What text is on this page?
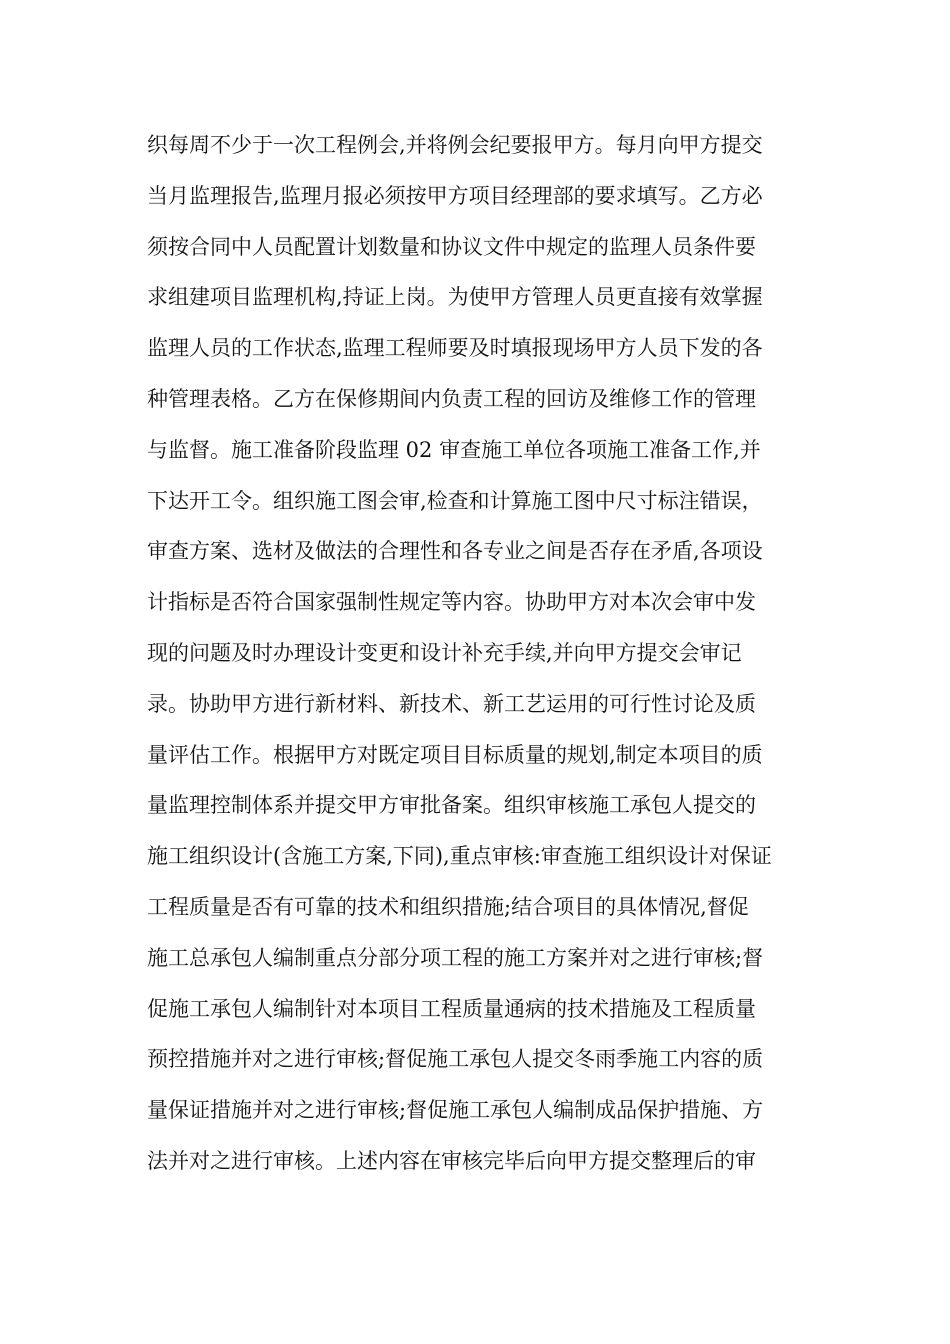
织每周不少于一次工程例会,并将例会纪要报甲方。每月向甲方提交
当月监理报告,监理月报必须按甲方项目经理部的要求填写。乙方必
须按合同中人员配置计划数量和协议文件中规定的监理人员条件要
求组建项目监理机构,持证上岗。为使甲方管理人员更直接有效掌握
监理人员的工作状态,监理工程师要及时填报现场甲方人员下发的各
种管理表格。乙方在保修期间内负责工程的回访及维修工作的管理
与监督。施工准备阶段监理 02 审查施工单位各项施工准备工作,并
下达开工令。组织施工图会审,检查和计算施工图中尺寸标注错误，
审查方案、选材及做法的合理性和各专业之间是否存在矛盾,各项设
计指标是否符合国家强制性规定等内容。协助甲方对本次会审中发
现的问题及时办理设计变更和设计补充手续,并向甲方提交会审记
录。协助甲方进行新材料、新技术、新工艺运用的可行性讨论及质
量评估工作。根据甲方对既定项目目标质量的规划,制定本项目的质
量监理控制体系并提交甲方审批备案。组织审核施工承包人提交的
施工组织设计(含施工方案,下同),重点审核:审查施工组织设计对保证
工程质量是否有可靠的技术和组织措施;结合项目的具体情况,督促
施工总承包人编制重点分部分项工程的施工方案并对之进行审核;督
促施工承包人编制针对本项目工程质量通病的技术措施及工程质量
预控措施并对之进行审核;督促施工承包人提交冬雨季施工内容的质
量保证措施并对之进行审核;督促施工承包人编制成品保护措施、方
法并对之进行审核。上述内容在审核完毕后向甲方提交整理后的审
